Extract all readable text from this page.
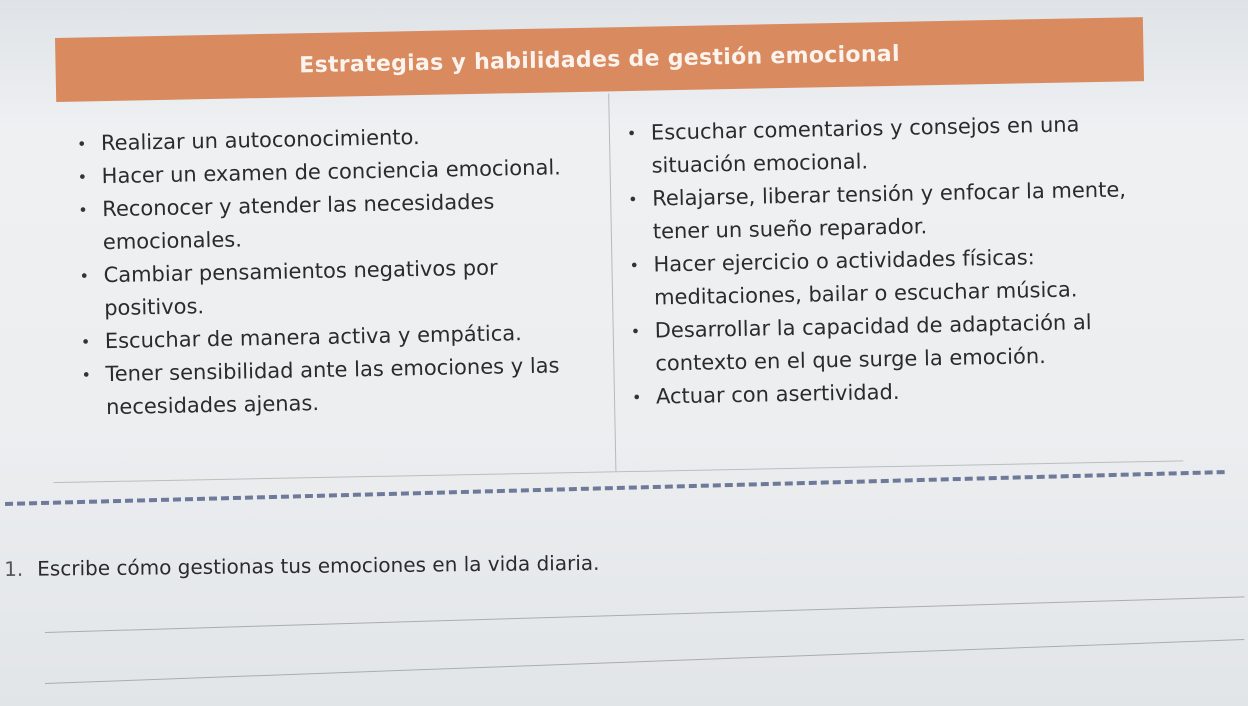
Estrategias y habilidades de gestión emocional
• Realizar un autoconocimiento.
• Hacer un examen de conciencia emocional.
• Reconocer y atender las necesidades emocionales.
• Cambiar pensamientos negativos por positivos.
• Escuchar de manera activa y empática.
• Tener sensibilidad ante las emociones y las necesidades ajenas.
• Escuchar comentarios y consejos en una situación emocional.
• Relajarse, liberar tensión y enfocar la mente, tener un sueño reparador.
• Hacer ejercicio o actividades físicas: meditaciones, bailar o escuchar música.
• Desarrollar la capacidad de adaptación al contexto en el que surge la emoción.
• Actuar con asertividad.
1. Escribe cómo gestionas tus emociones en la vida diaria.
